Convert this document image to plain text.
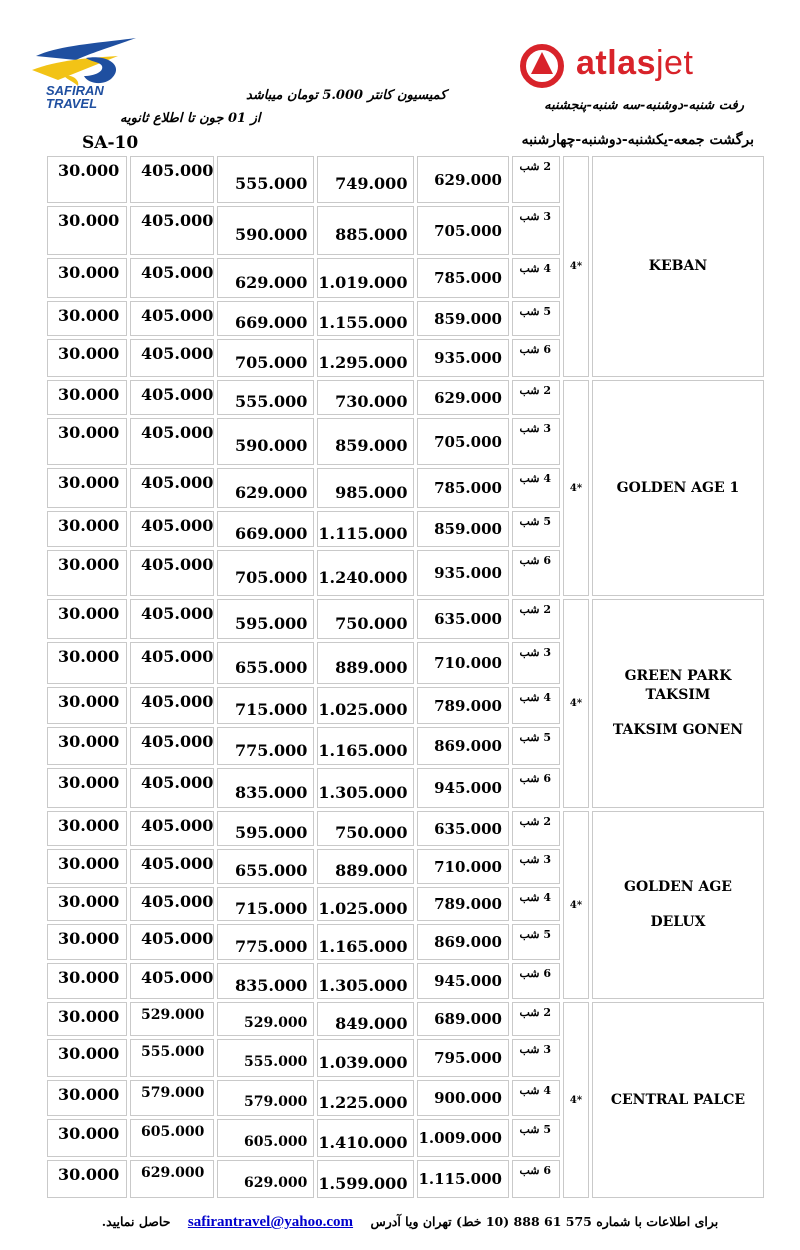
SAFIRAN
TRAVEL
atlasjet
کمیسیون کانتر 5.000 تومان میباشد
از 01 جون تا اطلاع ثانویه
رفت شنبه-دوشنبه-سه شنبه-پنجشنبه
برگشت جمعه-یکشنبه-دوشنبه-چهارشنبه
SA-10
30.000	405.000	555.000	749.000	629.000	2 شب	4*	KEBAN

30.000	405.000	590.000	885.000	705.000	3 شب		
30.000	405.000	629.000	1.019.000	785.000	4 شب		
30.000	405.000	669.000	1.155.000	859.000	5 شب		
30.000	405.000	705.000	1.295.000	935.000	6 شب		
30.000	405.000	555.000	730.000	629.000	2 شب	4*	GOLDEN AGE 1

30.000	405.000	590.000	859.000	705.000	3 شب		
30.000	405.000	629.000	985.000	785.000	4 شب		
30.000	405.000	669.000	1.115.000	859.000	5 شب		
30.000	405.000	705.000	1.240.000	935.000	6 شب		
30.000	405.000	595.000	750.000	635.000	2 شب	4*	GREEN PARK
TAKSIM
TAKSIM GONEN

30.000	405.000	655.000	889.000	710.000	3 شب		
30.000	405.000	715.000	1.025.000	789.000	4 شب		
30.000	405.000	775.000	1.165.000	869.000	5 شب		
30.000	405.000	835.000	1.305.000	945.000	6 شب		
30.000	405.000	595.000	750.000	635.000	2 شب	4*	GOLDEN AGE
DELUX

30.000	405.000	655.000	889.000	710.000	3 شب		
30.000	405.000	715.000	1.025.000	789.000	4 شب		
30.000	405.000	775.000	1.165.000	869.000	5 شب		
30.000	405.000	835.000	1.305.000	945.000	6 شب		
30.000	529.000	529.000	849.000	689.000	2 شب	4*	CENTRAL PALCE

30.000	555.000	555.000	1.039.000	795.000	3 شب		
30.000	579.000	579.000	1.225.000	900.000	4 شب		
30.000	605.000	605.000	1.410.000	1.009.000	5 شب		
30.000	629.000	629.000	1.599.000	1.115.000	6 شب		
برای اطلاعات با شماره 575 61 888 (10 خط) تهران ویا آدرس    safirantravel@yahoo.com    حاصل نمایید.
